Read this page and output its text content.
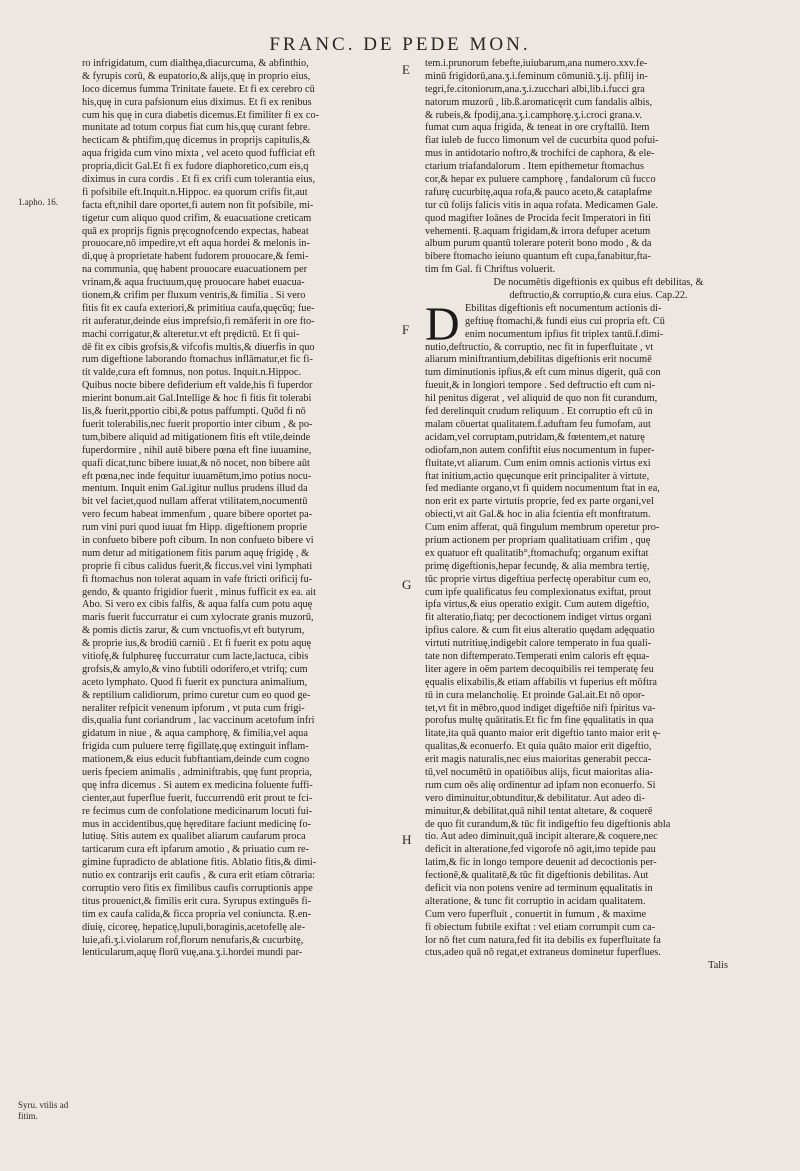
FRANC. DE PEDE MON.
E
F
G
H
1.apho. 16.
Syru. vtilis ad fitim.
ro infrigidatum, cum dialthęa,diacurcuma, & abfinthio,
& fyrupis corū, & eupatorio,& alijs,quę in proprio eius,
loco dicemus fumma Trinitate fauete. Et fi ex cerebro cū
his,quę in cura pafsionum eius diximus. Et fi ex renibus
cum his quę in cura diabetis dicemus.Et fimiliter fi ex co-
munitate ad totum corpus fiat cum his,quę curant febre.
hecticam & phtifim,quę dicemus in proprijs capitulis,&
aqua frigida cum vino mixta , vel aceto quod fufficiat eft
propria,dicit Gal.Et fi ex fudore diaphoretico,cum eis,q
diximus in cura cordis . Et fi ex crifi cum tolerantia eius,
fi pofsibile eft.Inquit.n.Hippoc. ea quorum crifis fit,aut
facta eft,nihil dare oportet,fi autem non fit pofsibile, mi-
tigetur cum aliquo quod crifim, & euacuatione creticam
quā ex proprijs fignis pręcognofcendo expectas, habeat
prouocare,nō impedire,vt eft aqua hordei & melonis in-
di,quę à proprietate habent fudorem prouocare,& femi-
na communia, quę habent prouocare euacuationem per
vrinam,& aqua fructuum,quę prouocare habet euacua-
tionem,& crifim per fluxum ventris,& fimilia . Si vero
fitis fit ex caufa exteriori,& primitiua caufa,quęcūq; fue-
rit auferatur,deinde eius imprefsio,fi remāferit in ore fto-
machi corrigatur,& alteretur.vt eft prędictū. Et fi qui-
dē fit ex cibis grofsis,& vifcofis multis,& diuerfis in quo
rum digeftione laborando ftomachus inflāmatur,et fic fi-
tit valde,cura eft fomnus, non potus. Inquit.n.Hippoc.
Quibus nocte bibere defiderium eft valde,his fi fuperdor
mierint bonum.ait Gal.Intellige & hoc fi fitis fit tolerabi
lis,& fuerit,pportio cibi,& potus paffumpti. Quōd fi nō
fuerit tolerabilis,nec fuerit proportio inter cibum , & po-
tum,bibere aliquid ad mitigationem fitis eft vtile,deinde
fuperdormire , nihil autē bibere pœna eft fine iuuamine,
quafi dicat,tunc bibere iuuat,& nō nocet, non bibere aūt
eft pœna,nec inde fequitur iuuamētum,imo potius nocu-
mentum. Inquit enim Gal.igitur nullus prudens illud da
bit vel faciet,quod nullam afferat vtilitatem,nocumentū
vero fecum habeat immenfum , quare bibere oportet pa-
rum vini puri quod iuuat fm Hipp. digeftionem proprie
in confueto bibere poft cibum. In non confueto bibere vi
num detur ad mitigationem fitis parum aquę frigidę , &
proprie fi cibus calidus fuerit,& ficcus.vel vini lymphati
fi ftomachus non tolerat aquam in vafe ftricti orificij fu-
gendo, & quanto frigidior fuerit , minus fufficit ex ea. ait
Abo. Si vero ex cibis falfis, & aqua falfa cum potu aquę
maris fuerit fuccurratur ei cum xylocrate granis muzorū,
& pomis dictis zarur, & cum vnctuofis,vt eft butyrum,
& proprie ius,& brodiū carniū . Et fi fuerit ex potu aquę
vitiofę,& fulphureę fuccurratur cum lacte,lactuca, cibis
grofsis,& amylo,& vino fubtili odorifero,et vtrifq; cum
aceto lymphato. Quod fi fuerit ex punctura animalium,
& reptilium calidiorum, primo curetur cum eo quod ge-
neraliter refpicit venenum ipforum , vt puta cum frigi-
dis,qualia funt coriandrum , lac vaccinum acetofum infri
gidatum in niue , & aqua camphorę, & fimilia,vel aqua
frigida cum puluere terrę figillatę,quę extinguit inflam-
mationem,& eius educit fubftantiam,deinde cum cogno
ueris fpeciem animalis , adminiftrabis, quę funt propria,
quę infra dicemus . Si autem ex medicina foluente fuffi-
cienter,aut fuperflue fuerit, fuccurrendū erit prout te fci-
re fecimus cum de confolatione medicinarum locuti fui-
mus in accidentibus,quę hęreditare faciunt medicinę fo-
lutiuę. Sitis autem ex qualibet aliarum caufarum proca
tarticarum cura eft ipfarum amotio , & priuatio cum re-
gimine fupradicto de ablatione fitis. Ablatio fitis,& dimi-
nutio ex contrarijs erit caufis , & cura erit etiam cōtraria:
corruptio vero fitis ex fimilibus caufis corruptionis appe
titus prouenict,& fimilis erit cura. Syrupus extinguēs fi-
tim ex caufa calida,& ficca propria vel coniuncta. Ŗ.en-
diuię, cicoreę, hepaticę,lupuli,boraginis,acetofellę ale-
luie,afi.ʒ.i.violarum rof,florum nenufaris,& cucurbitę,
lenticularum,aquę florū vuę,ana.ʒ.i.hordei mundi par-
tem.i.prunorum febefte,iuiubarum,ana numero.xxv.fe-
minū frigidorū,ana.ʒ.i.feminum cōmuniū.ʒ.ij. pfilij in-
tegri,fe.citoniorum,ana.ʒ.i.zucchari albi,lib.i.fucci gra
natorum muzorū , lib.ß.aromaticęrit cum fandalis albis,
& rubeis,& fpodij,ana.ʒ.i.camphorę.ʒ.i.croci grana.v.
fumat cum aqua frigida, & teneat in ore cryftallū. Item
fiat iuleb de fucco limonum vel de cucurbita quod pofui-
mus in antidotario noftro,& trochifci de caphora, & ele-
ctarium triafandalorum . Item epithemetur ftomachus
cor,& hepar ex puluere camphorę , fandalorum cū fucco
rafurę cucurbitę,aqua rofa,& pauco aceto,& cataplafme
tur cū folijs falicis vitis in aqua rofata. Medicamen Gale.
quod magifter Ioānes de Procida fecit Imperatori in fiti
vehementi. Ŗ.aquam frigidam,& irrora defuper acetum
album purum quantū tolerare poterit bono modo , & da
bibere ftomacho ieiuno quantum eft cupa,fanabitur,fta-
tim fm Gal. fi Chriftus voluerit.
De nocumētis digeftionis ex quibus eft debilitas, &
deftructio,& corruptio,& cura eius. Cap.22.
Ebilitas digeftionis eft nocumentum actionis di-
geftiuę ftomachi,& fundi eius cui propria eft. Cū
enim nocumentum ipfius fit triplex tantū.f.dimi-
nutio,deftructio, & corruptio, nec fit in fuperfluitate , vt
aliarum miniftrantium,debilitas digeftionis erit nocumē
tum diminutionis ipfius,& eft cum minus digerit, quā con
fueuit,& in longiori tempore . Sed deftructio eft cum ni-
hil penitus digerat , vel aliquid de quo non fit curandum,
fed derelinquit crudum reliquum . Et corruptio eft cū in
malam cōuertat qualitatem.f.aduftam feu fumofam, aut
acidam,vel corruptam,putridam,& fœtentem,et naturę
odiofam,non autem confiftit eius nocumentum in fuper-
fluitate,vt aliarum. Cum enim omnis actionis virtus exi
ftat initium,actio quęcunque erit principaliter à virtute,
fed mediante organo,vt fi quidem nocumentum ftat in ea,
non erit ex parte virtutis proprie, fed ex parte organi,vel
obiecti,vt ait Gal.& hoc in alia fcientia eft monftratum.
Cum enim afferat, quā fingulum membrum operetur pro-
prium actionem per propriam qualitatiuam crifim , quę
ex quatuor eft qualitatib°,ftomachufq; organum exiftat
primę digeftionis,hepar fecundę, & alia membra tertię,
tūc proprie virtus digeftiua perfectę operabitur cum eo,
cum ipfe qualificatus feu complexionatus exiftat, prout
ipfa virtus,& eius operatio exigit. Cum autem digeftio,
fit alteratio,fiatq; per decoctionem indiget virtus organi
ipfius calore. & cum fit eius alteratio quędam adęquatio
virtuti nutritiuę,indigebit calore temperato in fua quali-
tate non diftemperato.Temperati enim caloris eft ęqua-
liter agere in oēm partem decoquibilis rei temperatę feu
ęqualis elixabilis,& etiam affabilis vt fuperius eft mōftra
tū in cura melancholię. Et proinde Gal.ait.Et nō opor-
tet,vt fit in mēbro,quod indiget digeftiōe nifi fpiritus va-
porofus multę quātitatis.Et fic fm fine ęqualitatis in qua
litate,ita quā quanto maior erit digeftio tanto maior erit ę-
qualitas,& econuerfo. Et quia quāto maior erit digeftio,
erit magis naturalis,nec eius maioritas generabit pecca-
tū,vel nocumētū in opatiōibus alijs, ficut maioritas alia-
rum cum oēs alię ordinentur ad ipfam non econuerfo. Si
vero diminuitur,obtunditur,& debilitatur. Aut adeo di-
minuitur,& debilitat,quā nihil tentat altetare, & coquerē
de quo fit curandum,& tūc fit indigeftio feu digeftionis abla
tio. Aut adeo diminuit,quā incipit alterare,& coquere,nec
deficit in alteratione,fed vigorofe nō agit,imo tepide pau
latim,& fic in longo tempore deuenit ad decoctionis per-
fectionē,& qualitatē,& tūc fit digeftionis debilitas. Aut
deficit via non potens venire ad terminum ęqualitatis in
alteratione, & tunc fit corruptio in acidam qualitatem.
Cum vero fuperfluit , conuertit in fumum , & maxime
fi obiectum fubtile exiftat : vel etiam corrumpit cum ca-
lor nō ftet cum natura,fed fit ita debilis ex fuperfluitate fa
ctus,adeo quā nō regat,et extraneus dominetur fuperflues.
Talis
D
